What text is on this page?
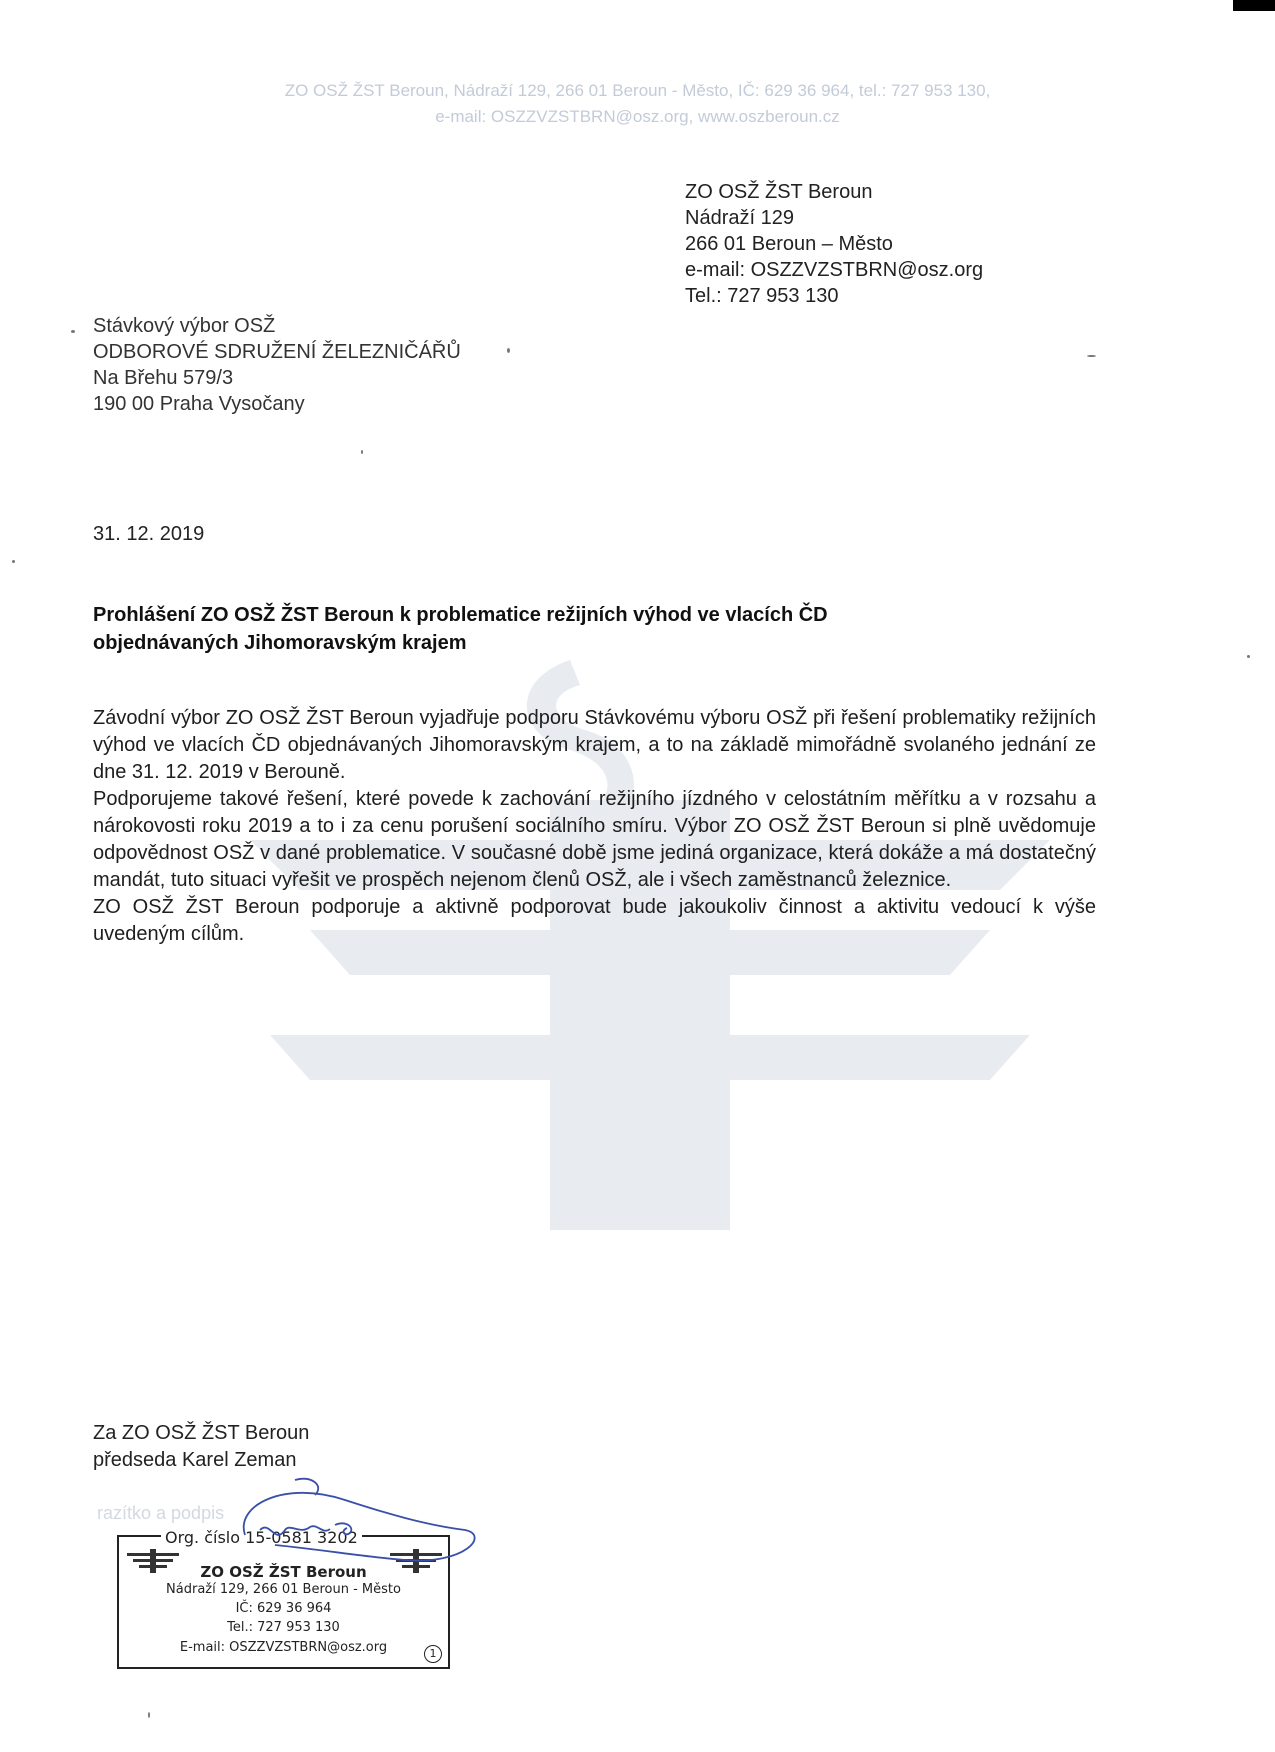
ZO OSŽ ŽST Beroun, Nádraží 129, 266 01 Beroun - Město, IČ: 629 36 964, tel.: 727 953 130,
e-mail: OSZZVZSTBRN@osz.org, www.oszberoun.cz
ZO OSŽ ŽST Beroun
Nádraží 129
266 01 Beroun – Město
e-mail: OSZZVZSTBRN@osz.org
Tel.: 727 953 130
Stávkový výbor OSŽ
ODBOROVÉ SDRUŽENÍ ŽELEZNIČÁŘŮ
Na Břehu 579/3
190 00 Praha Vysočany
31. 12. 2019
Prohlášení ZO OSŽ ŽST Beroun k problematice režijních výhod ve vlacích ČD
objednávaných Jihomoravským krajem

Závodní výbor ZO OSŽ ŽST Beroun vyjadřuje podporu Stávkovému výboru OSŽ při řešení problematiky režijních výhod ve vlacích ČD objednávaných Jihomoravským krajem, a to na základě mimořádně svolaného jednání ze dne 31. 12. 2019 v Berouně.

Podporujeme takové řešení, které povede k zachování režijního jízdného v celostátním měřítku a v rozsahu a nárokovosti roku 2019 a to i za cenu porušení sociálního smíru. Výbor ZO OSŽ ŽST Beroun si plně uvědomuje odpovědnost OSŽ v dané problematice. V současné době jsme jediná organizace, která dokáže a má dostatečný mandát, tuto situaci vyřešit ve prospěch nejenom členů OSŽ, ale i všech zaměstnanců železnice.

ZO OSŽ ŽST Beroun podporuje a aktivně podporovat bude jakoukoliv činnost a aktivitu vedoucí k výše uvedeným cílům.

Za ZO OSŽ ŽST Beroun
předseda Karel Zeman
razítko a podpis
Org. číslo 15-0581 3202
ZO OSŽ ŽST Beroun
Nádraží 129, 266 01 Beroun - Město
IČ: 629 36 964
Tel.: 727 953 130
E-mail: OSZZVZSTBRN@osz.org	1
